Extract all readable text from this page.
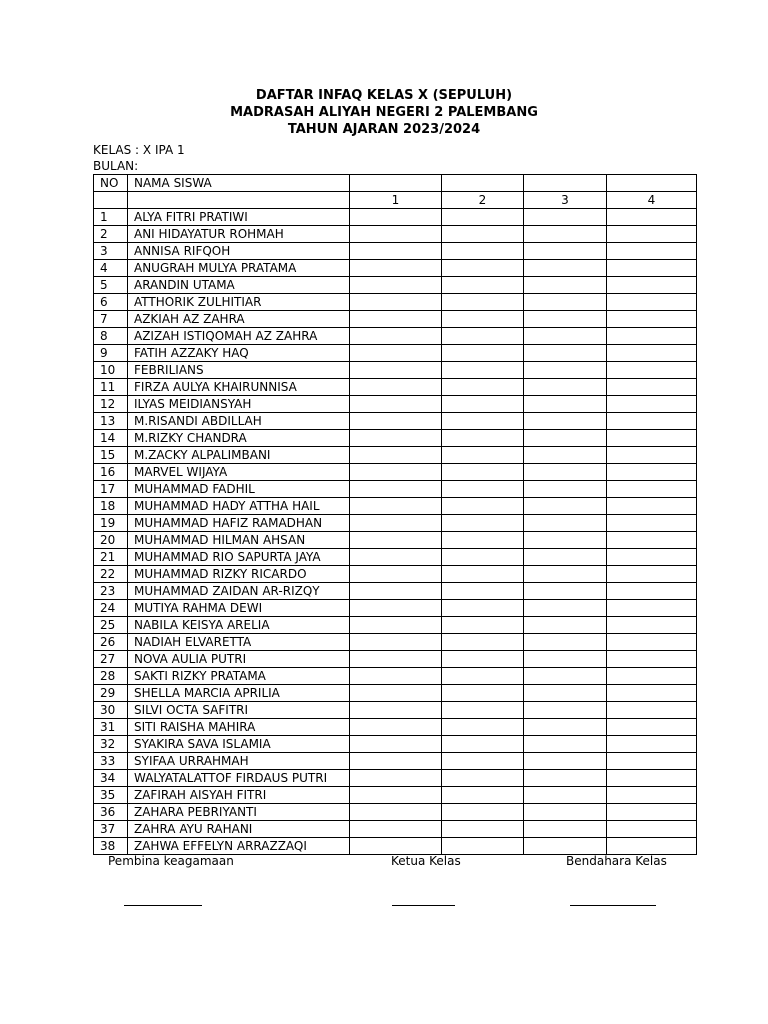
DAFTAR INFAQ KELAS X (SEPULUH)
MADRASAH ALIYAH NEGERI 2 PALEMBANG
TAHUN AJARAN 2023/2024
KELAS : X IPA 1
BULAN:
NO	NAMA SISWA				
		1	2	3	4
1	ALYA FITRI PRATIWI				
2	ANI HIDAYATUR ROHMAH				
3	ANNISA RIFQOH				
4	ANUGRAH MULYA PRATAMA				
5	ARANDIN UTAMA				
6	ATTHORIK ZULHITIAR				
7	AZKIAH AZ ZAHRA				
8	AZIZAH ISTIQOMAH AZ ZAHRA				
9	FATIH AZZAKY HAQ				
10	FEBRILIANS				
11	FIRZA AULYA KHAIRUNNISA				
12	ILYAS MEIDIANSYAH				
13	M.RISANDI ABDILLAH				
14	M.RIZKY CHANDRA				
15	M.ZACKY ALPALIMBANI				
16	MARVEL WIJAYA				
17	MUHAMMAD FADHIL				
18	MUHAMMAD HADY ATTHA HAIL				
19	MUHAMMAD HAFIZ RAMADHAN				
20	MUHAMMAD HILMAN AHSAN				
21	MUHAMMAD RIO SAPURTA JAYA				
22	MUHAMMAD RIZKY RICARDO				
23	MUHAMMAD ZAIDAN AR-RIZQY				
24	MUTIYA RAHMA DEWI				
25	NABILA KEISYA ARELIA				
26	NADIAH ELVARETTA				
27	NOVA AULIA PUTRI				
28	SAKTI RIZKY PRATAMA				
29	SHELLA MARCIA APRILIA				
30	SILVI OCTA SAFITRI				
31	SITI RAISHA MAHIRA				
32	SYAKIRA SAVA ISLAMIA				
33	SYIFAA URRAHMAH				
34	WALYATALATTOF FIRDAUS PUTRI				
35	ZAFIRAH AISYAH FITRI				
36	ZAHARA PEBRIYANTI				
37	ZAHRA AYU RAHANI				
38	ZAHWA EFFELYN ARRAZZAQI				
Pembina keagamaan	Ketua Kelas	Bendahara Kelas
